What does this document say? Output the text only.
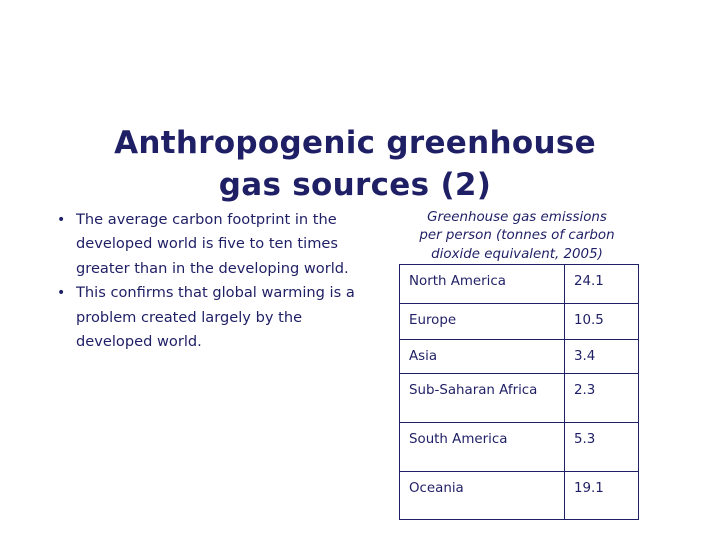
Anthropogenic greenhouse
gas sources (2)
• The average carbon footprint in the developed world is five to ten times greater than in the developing world.
• This confirms that global warming is a problem created largely by the developed world.
Greenhouse gas emissions
per person (tonnes of carbon
dioxide equivalent, 2005)
North America	24.1
Europe	10.5
Asia	3.4
Sub-Saharan Africa	2.3
South America	5.3
Oceania	19.1
